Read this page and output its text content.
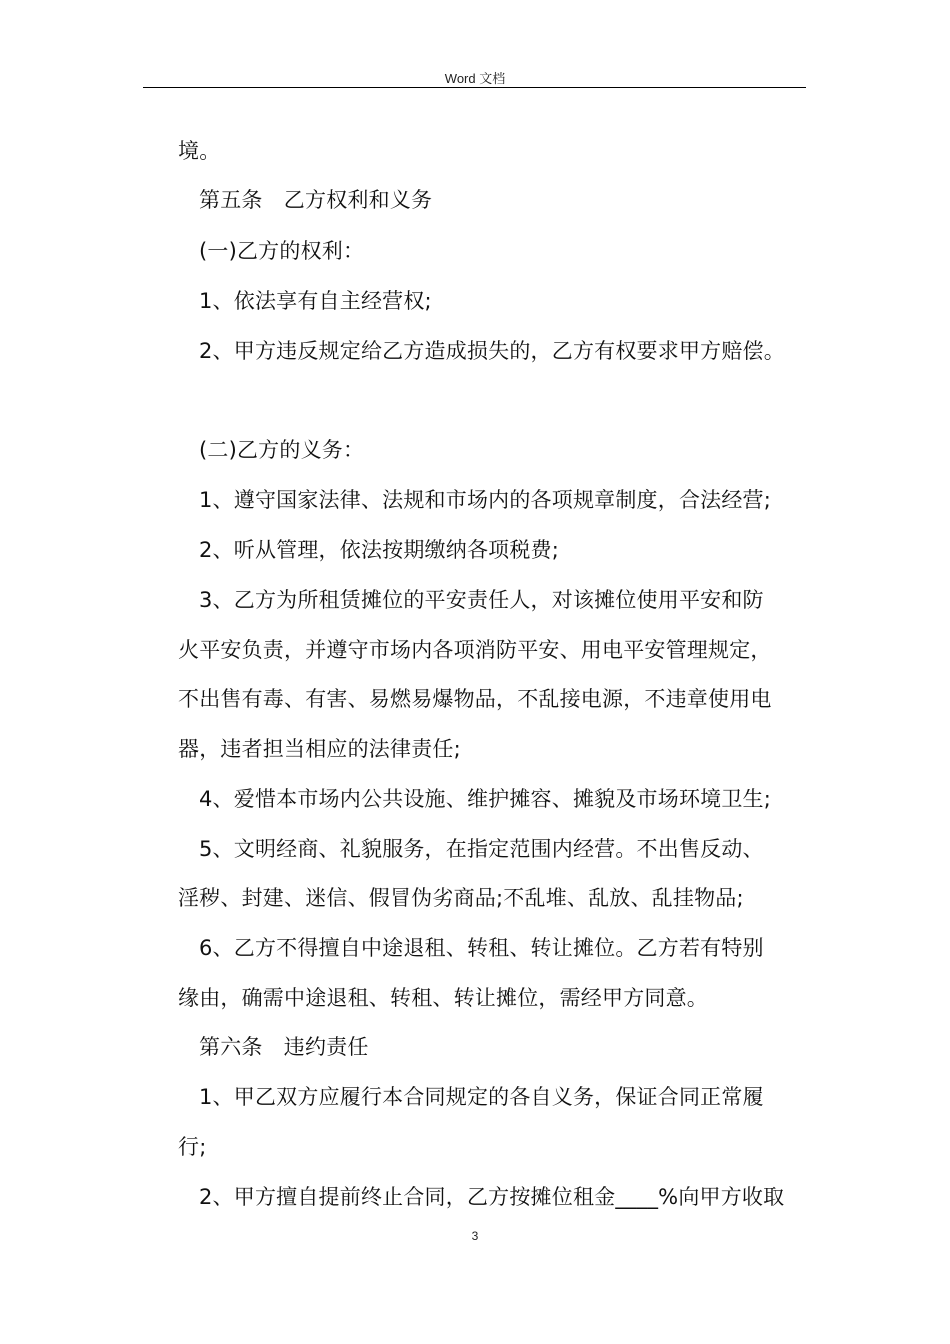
Word 文档
境。
第五条　乙方权利和义务
(一)乙方的权利：
1、依法享有自主经营权;
2、甲方违反规定给乙方造成损失的，乙方有权要求甲方赔偿。
(二)乙方的义务：
1、遵守国家法律、法规和市场内的各项规章制度，合法经营;
2、听从管理，依法按期缴纳各项税费;
3、乙方为所租赁摊位的平安责任人，对该摊位使用平安和防
火平安负责，并遵守市场内各项消防平安、用电平安管理规定，
不出售有毒、有害、易燃易爆物品，不乱接电源，不违章使用电
器，违者担当相应的法律责任;
4、爱惜本市场内公共设施、维护摊容、摊貌及市场环境卫生;
5、文明经商、礼貌服务，在指定范围内经营。不出售反动、
淫秽、封建、迷信、假冒伪劣商品;不乱堆、乱放、乱挂物品;
6、乙方不得擅自中途退租、转租、转让摊位。乙方若有特别
缘由，确需中途退租、转租、转让摊位，需经甲方同意。
第六条　违约责任
1、甲乙双方应履行本合同规定的各自义务，保证合同正常履
行;
2、甲方擅自提前终止合同，乙方按摊位租金____%向甲方收取
3
